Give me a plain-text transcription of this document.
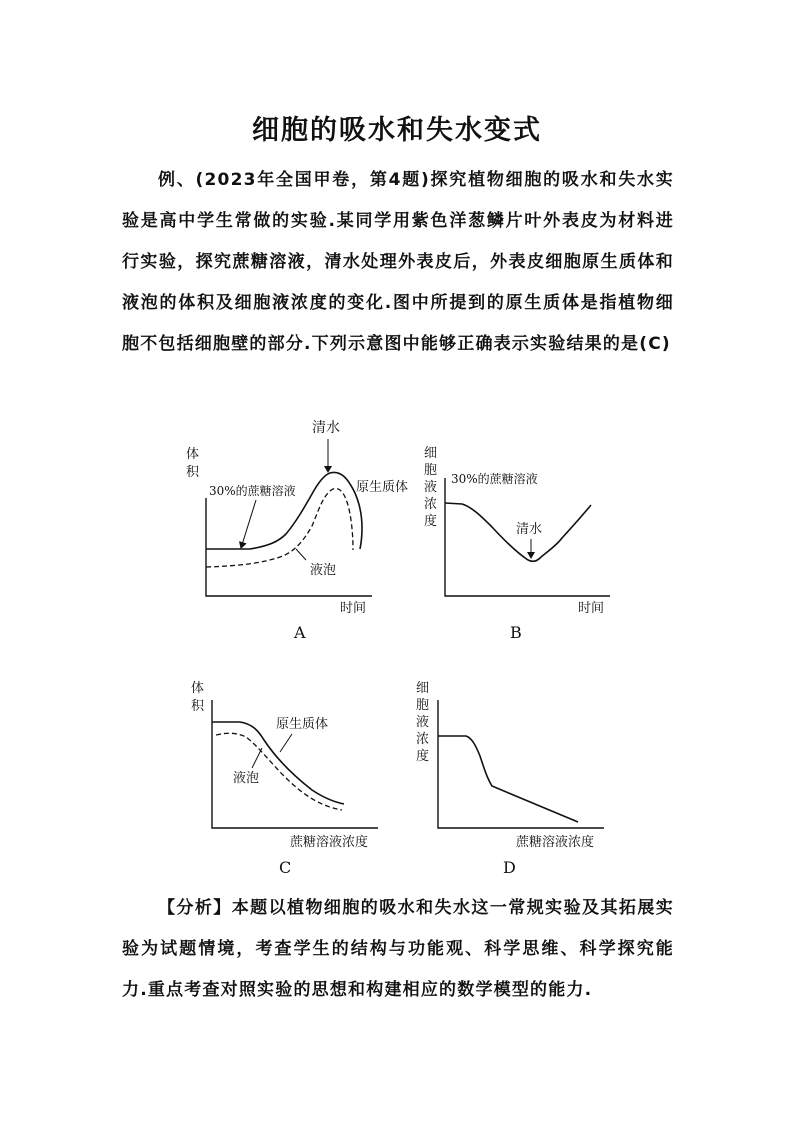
细胞的吸水和失水变式

例、(2023年全国甲卷，第4题)探究植物细胞的吸水和失水实验是高中学生常做的实验.某同学用紫色洋葱鳞片叶外表皮为材料进行实验，探究蔗糖溶液，清水处理外表皮后，外表皮细胞原生质体和液泡的体积及细胞液浓度的变化.图中所提到的原生质体是指植物细胞不包括细胞壁的部分.下列示意图中能够正确表示实验结果的是(C)

体
积
时间
30%的蔗糖溶液
清水
原生质体
液泡
A
细
胞
液
浓
度
时间
30%的蔗糖溶液
清水
B
体
积
蔗糖溶液浓度
原生质体
液泡
C
细
胞
液
浓
度
蔗糖溶液浓度
D

【分析】本题以植物细胞的吸水和失水这一常规实验及其拓展实验为试题情境，考查学生的结构与功能观、科学思维、科学探究能力.重点考查对照实验的思想和构建相应的数学模型的能力.
